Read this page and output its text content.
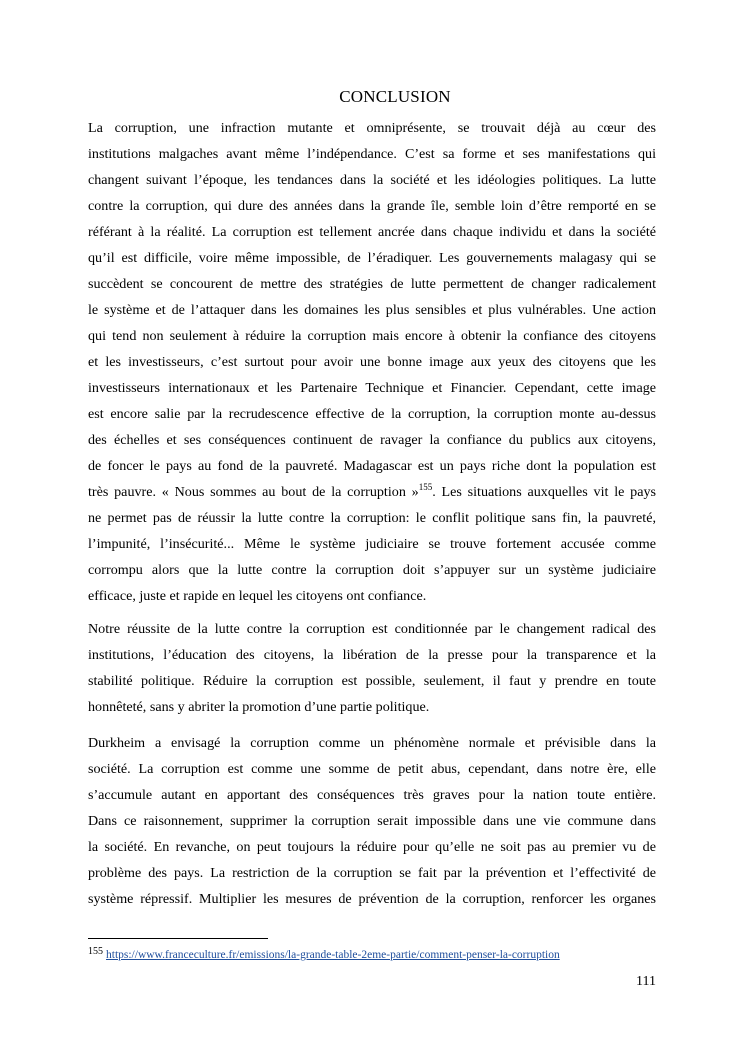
CONCLUSION
La corruption, une infraction mutante et omniprésente, se trouvait déjà au cœur des
institutions malgaches avant même l’indépendance. C’est sa forme et ses manifestations qui
changent suivant l’époque, les tendances dans la société et les idéologies politiques. La lutte
contre la corruption, qui dure des années dans la grande île, semble loin d’être remporté en se
référant à la réalité. La corruption est tellement ancrée dans chaque individu et dans la société
qu’il est difficile, voire même impossible, de l’éradiquer. Les gouvernements malagasy qui se
succèdent se concourent de mettre des stratégies de lutte permettent de changer radicalement
le système et de l’attaquer dans les domaines les plus sensibles et plus vulnérables. Une action
qui tend non seulement à réduire la corruption mais encore à obtenir la confiance des citoyens
et les investisseurs, c’est surtout pour avoir une bonne image aux yeux des citoyens que les
investisseurs internationaux et les Partenaire Technique et Financier. Cependant, cette image
est encore salie par la recrudescence effective de la corruption, la corruption monte au-dessus
des échelles et ses conséquences continuent de ravager la confiance du publics aux citoyens,
de foncer le pays au fond de la pauvreté. Madagascar est un pays riche dont la population est
très pauvre. « Nous sommes au bout de la corruption »$^{155}$. Les situations auxquelles vit le pays
ne permet pas de réussir la lutte contre la corruption: le conflit politique sans fin, la pauvreté,
l’impunité, l’insécurité... Même le système judiciaire se trouve fortement accusée comme
corrompu alors que la lutte contre la corruption doit s’appuyer sur un système judiciaire
efficace, juste et rapide en lequel les citoyens ont confiance.
Notre réussite de la lutte contre la corruption est conditionnée par le changement radical des
institutions, l’éducation des citoyens, la libération de la presse pour la transparence et la
stabilité politique. Réduire la corruption est possible, seulement, il faut y prendre en toute
honnêteté, sans y abriter la promotion d’une partie politique.
Durkheim a envisagé la corruption comme un phénomène normale et prévisible dans la
société. La corruption est comme une somme de petit abus, cependant, dans notre ère, elle
s’accumule autant en apportant des conséquences très graves pour la nation toute entière.
Dans ce raisonnement, supprimer la corruption serait impossible dans une vie commune dans
la société. En revanche, on peut toujours la réduire pour qu’elle ne soit pas au premier vu de
problème des pays. La restriction de la corruption se fait par la prévention et l’effectivité de
système répressif. Multiplier les mesures de prévention de la corruption, renforcer les organes
155 https://www.franceculture.fr/emissions/la-grande-table-2eme-partie/comment-penser-la-corruption
111
